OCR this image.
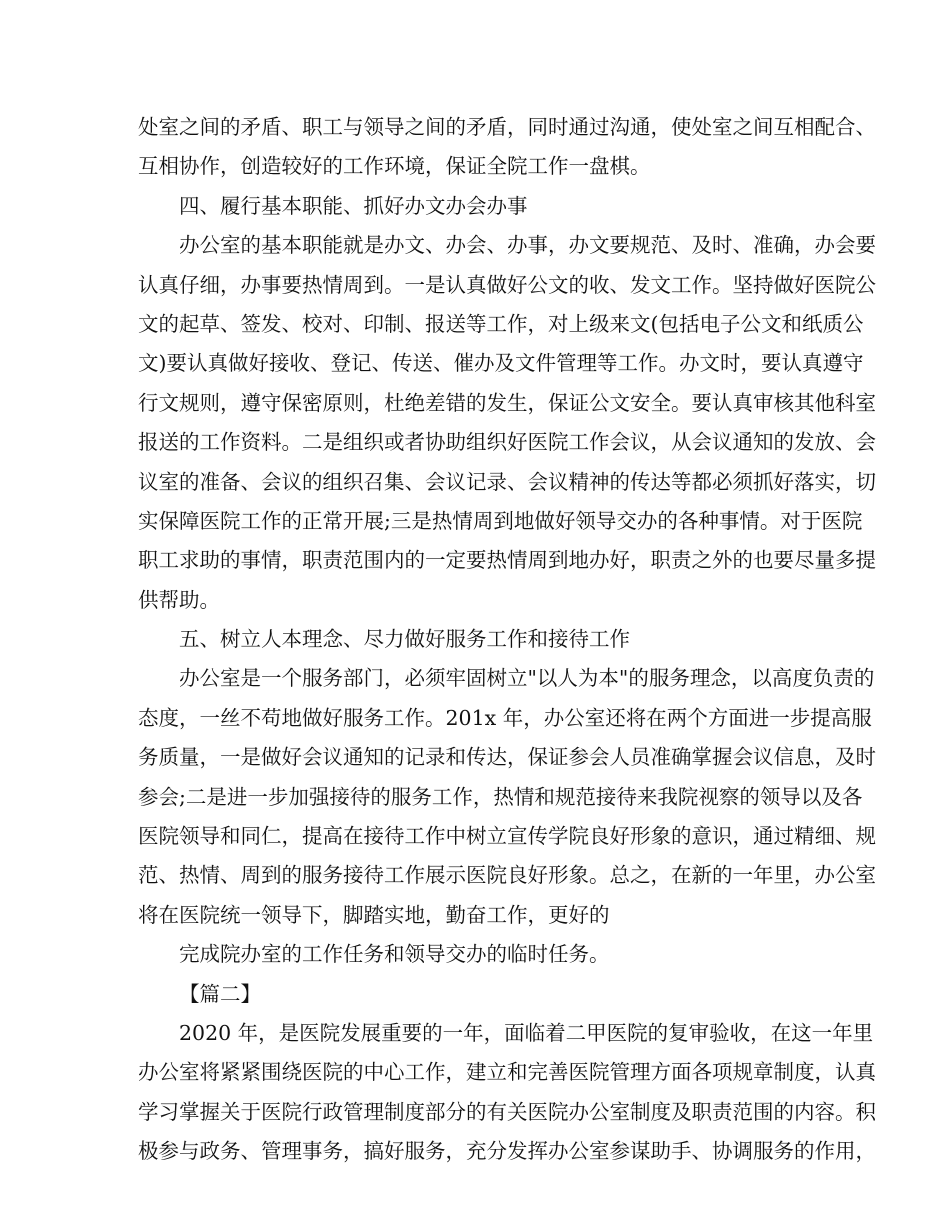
处室之间的矛盾、职工与领导之间的矛盾，同时通过沟通，使处室之间互相配合、
互相协作，创造较好的工作环境，保证全院工作一盘棋。
四、履行基本职能、抓好办文办会办事
办公室的基本职能就是办文、办会、办事，办文要规范、及时、准确，办会要
认真仔细，办事要热情周到。一是认真做好公文的收、发文工作。坚持做好医院公
文的起草、签发、校对、印制、报送等工作，对上级来文(包括电子公文和纸质公
文)要认真做好接收、登记、传送、催办及文件管理等工作。办文时，要认真遵守
行文规则，遵守保密原则，杜绝差错的发生，保证公文安全。要认真审核其他科室
报送的工作资料。二是组织或者协助组织好医院工作会议，从会议通知的发放、会
议室的准备、会议的组织召集、会议记录、会议精神的传达等都必须抓好落实，切
实保障医院工作的正常开展;三是热情周到地做好领导交办的各种事情。对于医院
职工求助的事情，职责范围内的一定要热情周到地办好，职责之外的也要尽量多提
供帮助。
五、树立人本理念、尽力做好服务工作和接待工作
办公室是一个服务部门，必须牢固树立"以人为本"的服务理念，以高度负责的
态度，一丝不苟地做好服务工作。201x 年，办公室还将在两个方面进一步提高服
务质量，一是做好会议通知的记录和传达，保证参会人员准确掌握会议信息，及时
参会;二是进一步加强接待的服务工作，热情和规范接待来我院视察的领导以及各
医院领导和同仁，提高在接待工作中树立宣传学院良好形象的意识，通过精细、规
范、热情、周到的服务接待工作展示医院良好形象。总之，在新的一年里，办公室
将在医院统一领导下，脚踏实地，勤奋工作，更好的
完成院办室的工作任务和领导交办的临时任务。
【篇二】
2020 年，是医院发展重要的一年，面临着二甲医院的复审验收，在这一年里
办公室将紧紧围绕医院的中心工作，建立和完善医院管理方面各项规章制度，认真
学习掌握关于医院行政管理制度部分的有关医院办公室制度及职责范围的内容。积
极参与政务、管理事务，搞好服务，充分发挥办公室参谋助手、协调服务的作用，
